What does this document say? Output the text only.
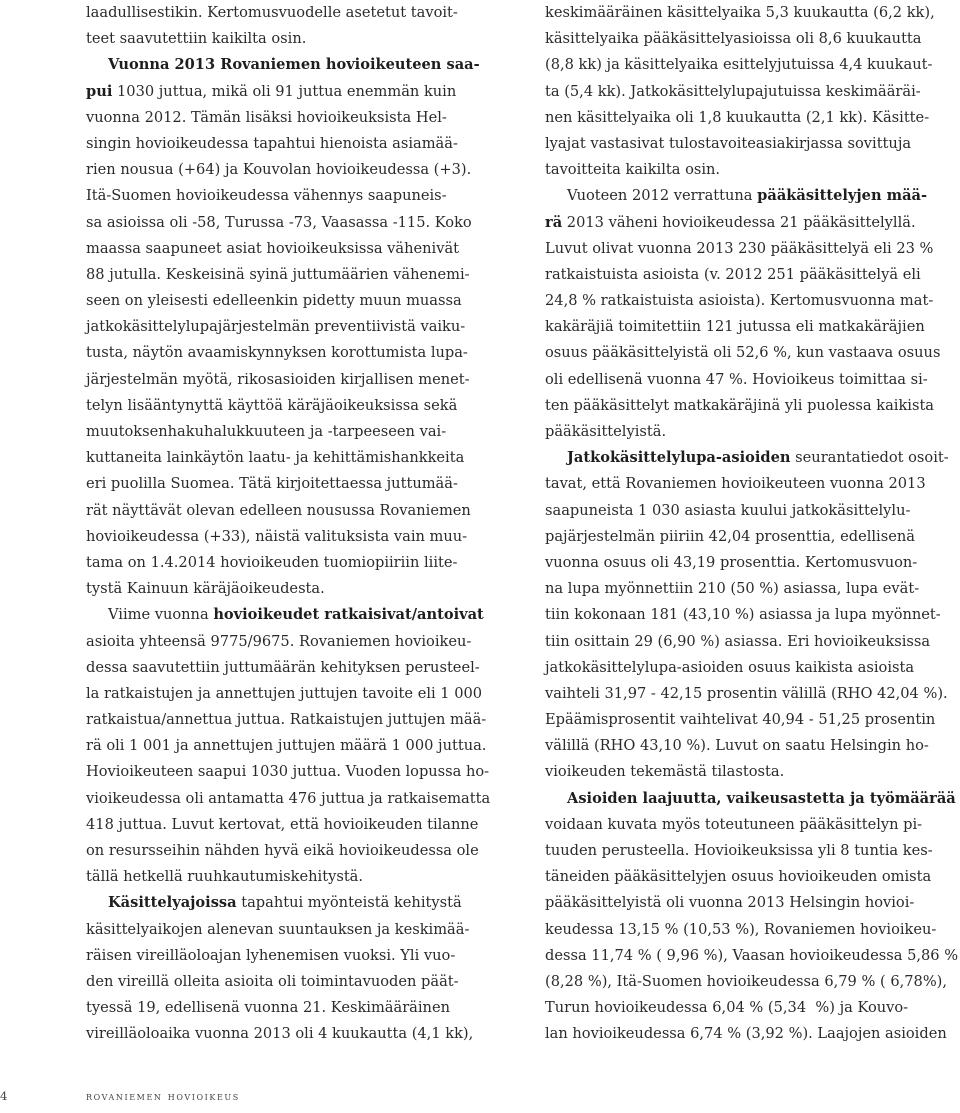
laadullisestikin. Kertomusvuodelle asetetut tavoit-
teet saavutettiin kaikilta osin.
Vuonna 2013 Rovaniemen hovioikeuteen saa-
pui 1030 juttua, mikä oli 91 juttua enemmän kuin
vuonna 2012. Tämän lisäksi hovioikeuksista Hel-
singin hovioikeudessa tapahtui hienoista asiamää-
rien nousua (+64) ja Kouvolan hovioikeudessa (+3).
Itä-Suomen hovioikeudessa vähennys saapuneis-
sa asioissa oli -58, Turussa -73, Vaasassa -115. Koko
maassa saapuneet asiat hovioikeuksissa vähenivät
88 jutulla. Keskeisinä syinä juttumäärien vähenemi-
seen on yleisesti edelleenkin pidetty muun muassa
jatkokäsittelylupajärjestelmän preventiivistä vaiku-
tusta, näytön avaamiskynnyksen korottumista lupa-
järjestelmän myötä, rikosasioiden kirjallisen menet-
telyn lisääntynyttä käyttöä käräjäoikeuksissa sekä
muutoksenhakuhalukkuuteen ja -tarpeeseen vai-
kuttaneita lainkäytön laatu- ja kehittämishankkeita
eri puolilla Suomea. Tätä kirjoitettaessa juttumää-
rät näyttävät olevan edelleen nousussa Rovaniemen
hovioikeudessa (+33), näistä valituksista vain muu-
tama on 1.4.2014 hovioikeuden tuomiopiiriin liite-
tystä Kainuun käräjäoikeudesta.
Viime vuonna hovioikeudet ratkaisivat/antoivat
asioita yhteensä 9775/9675. Rovaniemen hovioikeu-
dessa saavutettiin juttumäärän kehityksen perusteel-
la ratkaistujen ja annettujen juttujen tavoite eli 1 000
ratkaistua/annettua juttua. Ratkaistujen juttujen mää-
rä oli 1 001 ja annettujen juttujen määrä 1 000 juttua.
Hovioikeuteen saapui 1030 juttua. Vuoden lopussa ho-
vioikeudessa oli antamatta 476 juttua ja ratkaisematta
418 juttua. Luvut kertovat, että hovioikeuden tilanne
on resursseihin nähden hyvä eikä hovioikeudessa ole
tällä hetkellä ruuhkautumiskehitystä.
Käsittelyajoissa tapahtui myönteistä kehitystä
käsittelyaikojen alenevan suuntauksen ja keskimää-
räisen vireilläoloajan lyhenemisen vuoksi. Yli vuo-
den vireillä olleita asioita oli toimintavuoden päät-
tyessä 19, edellisenä vuonna 21. Keskimääräinen
vireilläoloaika vuonna 2013 oli 4 kuukautta (4,1 kk),
keskimääräinen käsittelyaika 5,3 kuukautta (6,2 kk),
käsittelyaika pääkäsittelyasioissa oli 8,6 kuukautta
(8,8 kk) ja käsittelyaika esittelyjutuissa 4,4 kuukaut-
ta (5,4 kk). Jatkokäsittelylupajutuissa keskimääräi-
nen käsittelyaika oli 1,8 kuukautta (2,1 kk). Käsitte-
lyajat vastasivat tulostavoiteasiakirjassa sovittuja
tavoitteita kaikilta osin.
Vuoteen 2012 verrattuna pääkäsittelyjen mää-
rä 2013 väheni hovioikeudessa 21 pääkäsittelyllä.
Luvut olivat vuonna 2013 230 pääkäsittelyä eli 23 %
ratkaistuista asioista (v. 2012 251 pääkäsittelyä eli
24,8 % ratkaistuista asioista). Kertomusvuonna mat-
kakäräjiä toimitettiin 121 jutussa eli matkakäräjien
osuus pääkäsittelyistä oli 52,6 %, kun vastaava osuus
oli edellisenä vuonna 47 %. Hovioikeus toimittaa si-
ten pääkäsittelyt matkakäräjinä yli puolessa kaikista
pääkäsittelyistä.
Jatkokäsittelylupa-asioiden seurantatiedot osoit-
tavat, että Rovaniemen hovioikeuteen vuonna 2013
saapuneista 1 030 asiasta kuului jatkokäsittelylu-
pajärjestelmän piiriin 42,04 prosenttia, edellisenä
vuonna osuus oli 43,19 prosenttia. Kertomusvuon-
na lupa myönnettiin 210 (50 %) asiassa, lupa evät-
tiin kokonaan 181 (43,10 %) asiassa ja lupa myönnet-
tiin osittain 29 (6,90 %) asiassa. Eri hovioikeuksissa
jatkokäsittelylupa-asioiden osuus kaikista asioista
vaihteli 31,97 - 42,15 prosentin välillä (RHO 42,04 %).
Epäämisprosentit vaihtelivat 40,94 - 51,25 prosentin
välillä (RHO 43,10 %). Luvut on saatu Helsingin ho-
vioikeuden tekemästä tilastosta.
Asioiden laajuutta, vaikeusastetta ja työmäärää
voidaan kuvata myös toteutuneen pääkäsittelyn pi-
tuuden perusteella. Hovioikeuksissa yli 8 tuntia kes-
täneiden pääkäsittelyjen osuus hovioikeuden omista
pääkäsittelyistä oli vuonna 2013 Helsingin hovioi-
keudessa 13,15 % (10,53 %), Rovaniemen hovioikeu-
dessa 11,74 % ( 9,96 %), Vaasan hovioikeudessa 5,86 %
(8,28 %), Itä-Suomen hovioikeudessa 6,79 % ( 6,78%),
Turun hovioikeudessa 6,04 % (5,34  %) ja Kouvo-
lan hovioikeudessa 6,74 % (3,92 %). Laajojen asioiden
4	rovaniemen hovioikeus
